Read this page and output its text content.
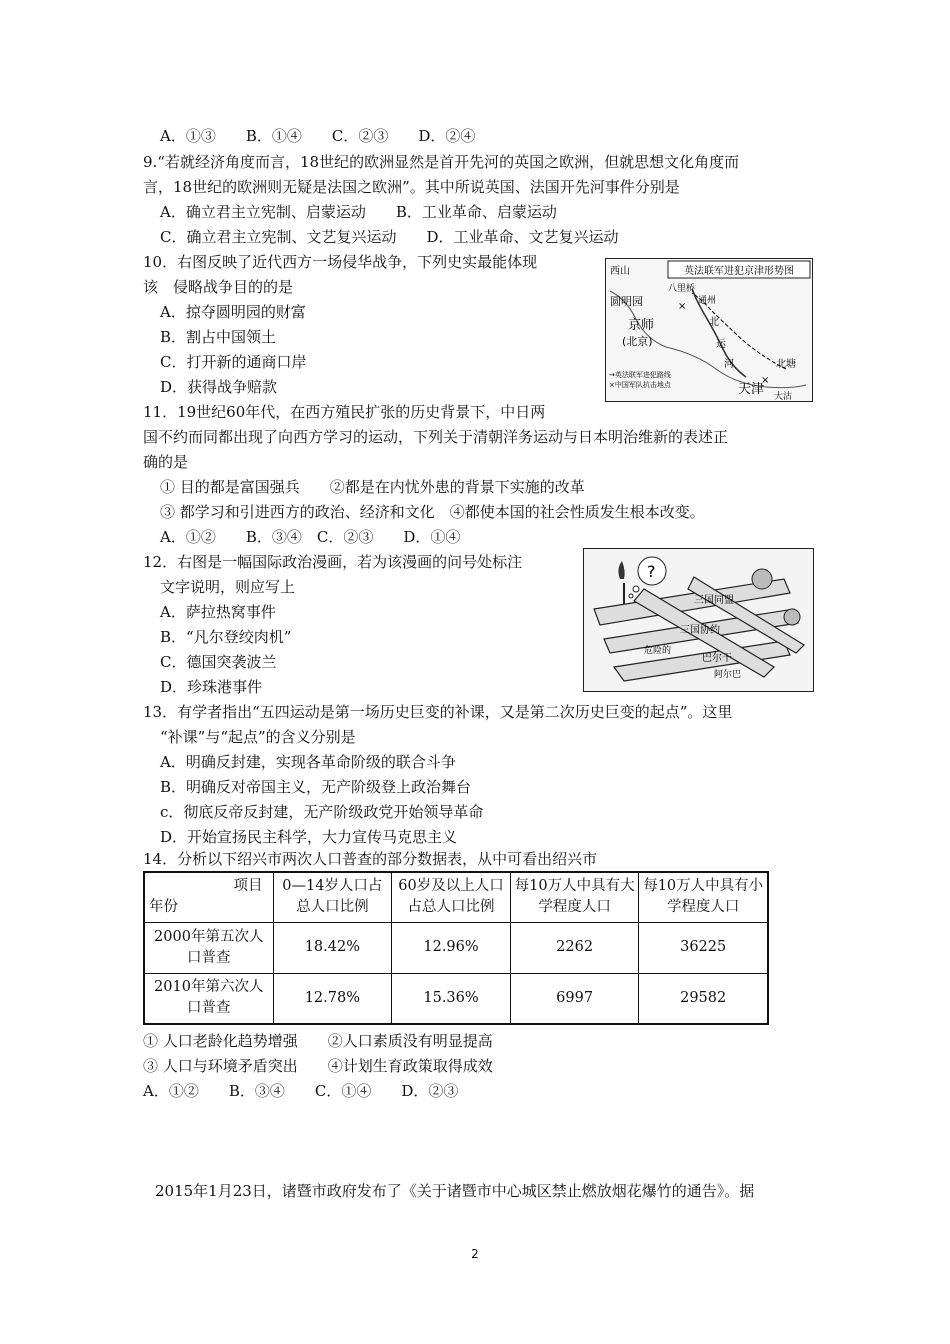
A．①③　　B．①④　　C．②③　　D．②④
9.“若就经济角度而言，18世纪的欧洲显然是首开先河的英国之欧洲，但就思想文化角度而
言，18世纪的欧洲则无疑是法国之欧洲”。其中所说英国、法国开先河事件分别是
A．确立君主立宪制、启蒙运动　　B．工业革命、启蒙运动
C．确立君主立宪制、文艺复兴运动　　D．工业革命、文艺复兴运动
10．右图反映了近代西方一场侵华战争，下列史实最能体现
该　侵略战争目的的是
A．掠夺圆明园的财富
B．割占中国领土
C．打开新的通商口岸
D．获得战争赔款
英法联军进犯京津形势图
西山
圆明园
八里桥
通州
京师
(北京)
北
运
河
天津
北塘
大沽
→英法联军进犯路线
×中国军队抗击地点
×
×
11．19世纪60年代，在西方殖民扩张的历史背景下，中日两
国不约而同都出现了向西方学习的运动，下列关于清朝洋务运动与日本明治维新的表述正
确的是
① 目的都是富国强兵　　②都是在内忧外患的背景下实施的改革
③ 都学习和引进西方的政治、经济和文化　④都使本国的社会性质发生根本改变。
A．①②　　B．③④　C．②③　　D．①④
12．右图是一幅国际政治漫画，若为该漫画的问号处标注
文字说明，则应写上
A．萨拉热窝事件
B．“凡尔登绞肉机”
C．德国突袭波兰
D．珍珠港事件
?
三国同盟
三国协约
巴尔干
阿尔巴
危险的
13．有学者指出“五四运动是第一场历史巨变的补课，又是第二次历史巨变的起点”。这里
“补课”与“起点”的含义分别是
A．明确反封建，实现各革命阶级的联合斗争
B．明确反对帝国主义，无产阶级登上政治舞台
c．彻底反帝反封建，无产阶级政党开始领导革命
D．开始宣扬民主科学，大力宣传马克思主义
14．分析以下绍兴市两次人口普查的部分数据表，从中可看出绍兴市
项目
年份	0—14岁人口占总人口比例	60岁及以上人口占总人口比例	每10万人中具有大学程度人口	每10万人中具有小学程度人口
2000年第五次人口普查	18.42%	12.96%	2262	36225
2010年第六次人口普查	12.78%	15.36%	6997	29582
① 人口老龄化趋势增强　　②人口素质没有明显提高
③ 人口与环境矛盾突出　　④计划生育政策取得成效
A．①②　　B．③④　　C．①④　　D．②③
2015年1月23日，诸暨市政府发布了《关于诸暨市中心城区禁止燃放烟花爆竹的通告》。据
2
